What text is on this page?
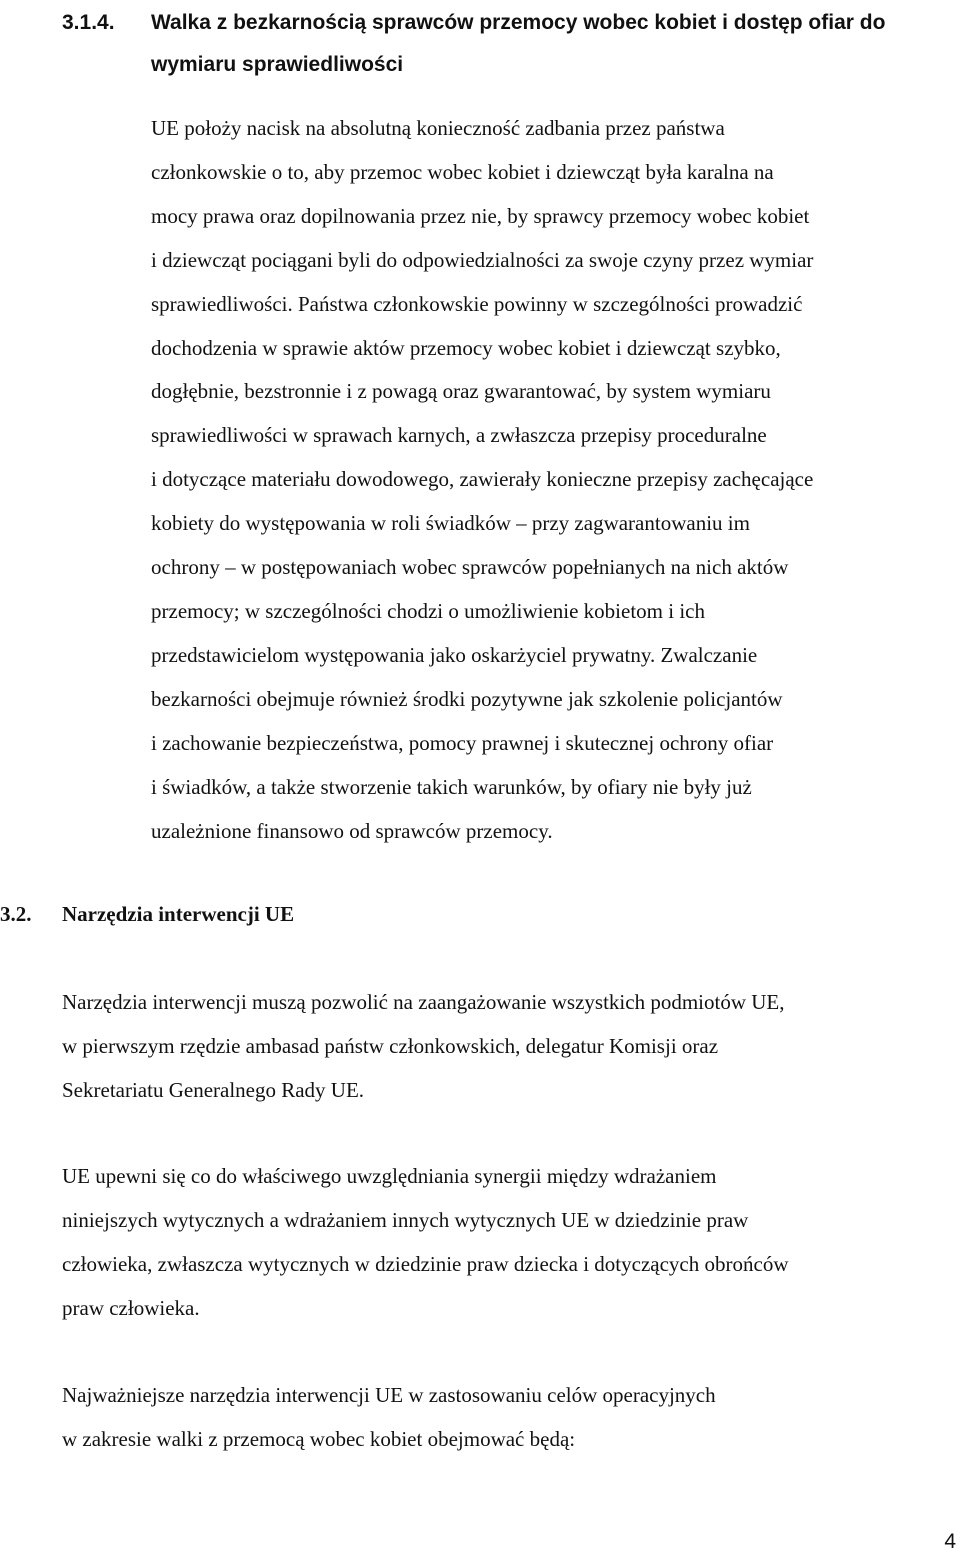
3.1.4. Walka z bezkarnością sprawców przemocy wobec kobiet i dostęp ofiar do
wymiaru sprawiedliwości
UE położy nacisk na absolutną konieczność zadbania przez państwa
członkowskie o to, aby przemoc wobec kobiet i dziewcząt była karalna na
mocy prawa oraz dopilnowania przez nie, by sprawcy przemocy wobec kobiet
i dziewcząt pociągani byli do odpowiedzialności za swoje czyny przez wymiar
sprawiedliwości. Państwa członkowskie powinny w szczególności prowadzić
dochodzenia w sprawie aktów przemocy wobec kobiet i dziewcząt szybko,
dogłębnie, bezstronnie i z powagą oraz gwarantować, by system wymiaru
sprawiedliwości w sprawach karnych, a zwłaszcza przepisy proceduralne
i dotyczące materiału dowodowego, zawierały konieczne przepisy zachęcające
kobiety do występowania w roli świadków – przy zagwarantowaniu im
ochrony – w postępowaniach wobec sprawców popełnianych na nich aktów
przemocy; w szczególności chodzi o umożliwienie kobietom i ich
przedstawicielom występowania jako oskarżyciel prywatny. Zwalczanie
bezkarności obejmuje również środki pozytywne jak szkolenie policjantów
i zachowanie bezpieczeństwa, pomocy prawnej i skutecznej ochrony ofiar
i świadków, a także stworzenie takich warunków, by ofiary nie były już
uzależnione finansowo od sprawców przemocy.
3.2. Narzędzia interwencji UE
Narzędzia interwencji muszą pozwolić na zaangażowanie wszystkich podmiotów UE,
w pierwszym rzędzie ambasad państw członkowskich, delegatur Komisji oraz
Sekretariatu Generalnego Rady UE.
UE upewni się co do właściwego uwzględniania synergii między wdrażaniem
niniejszych wytycznych a wdrażaniem innych wytycznych UE w dziedzinie praw
człowieka, zwłaszcza wytycznych w dziedzinie praw dziecka i dotyczących obrońców
praw człowieka.
Najważniejsze narzędzia interwencji UE w zastosowaniu celów operacyjnych
w zakresie walki z przemocą wobec kobiet obejmować będą:
4
